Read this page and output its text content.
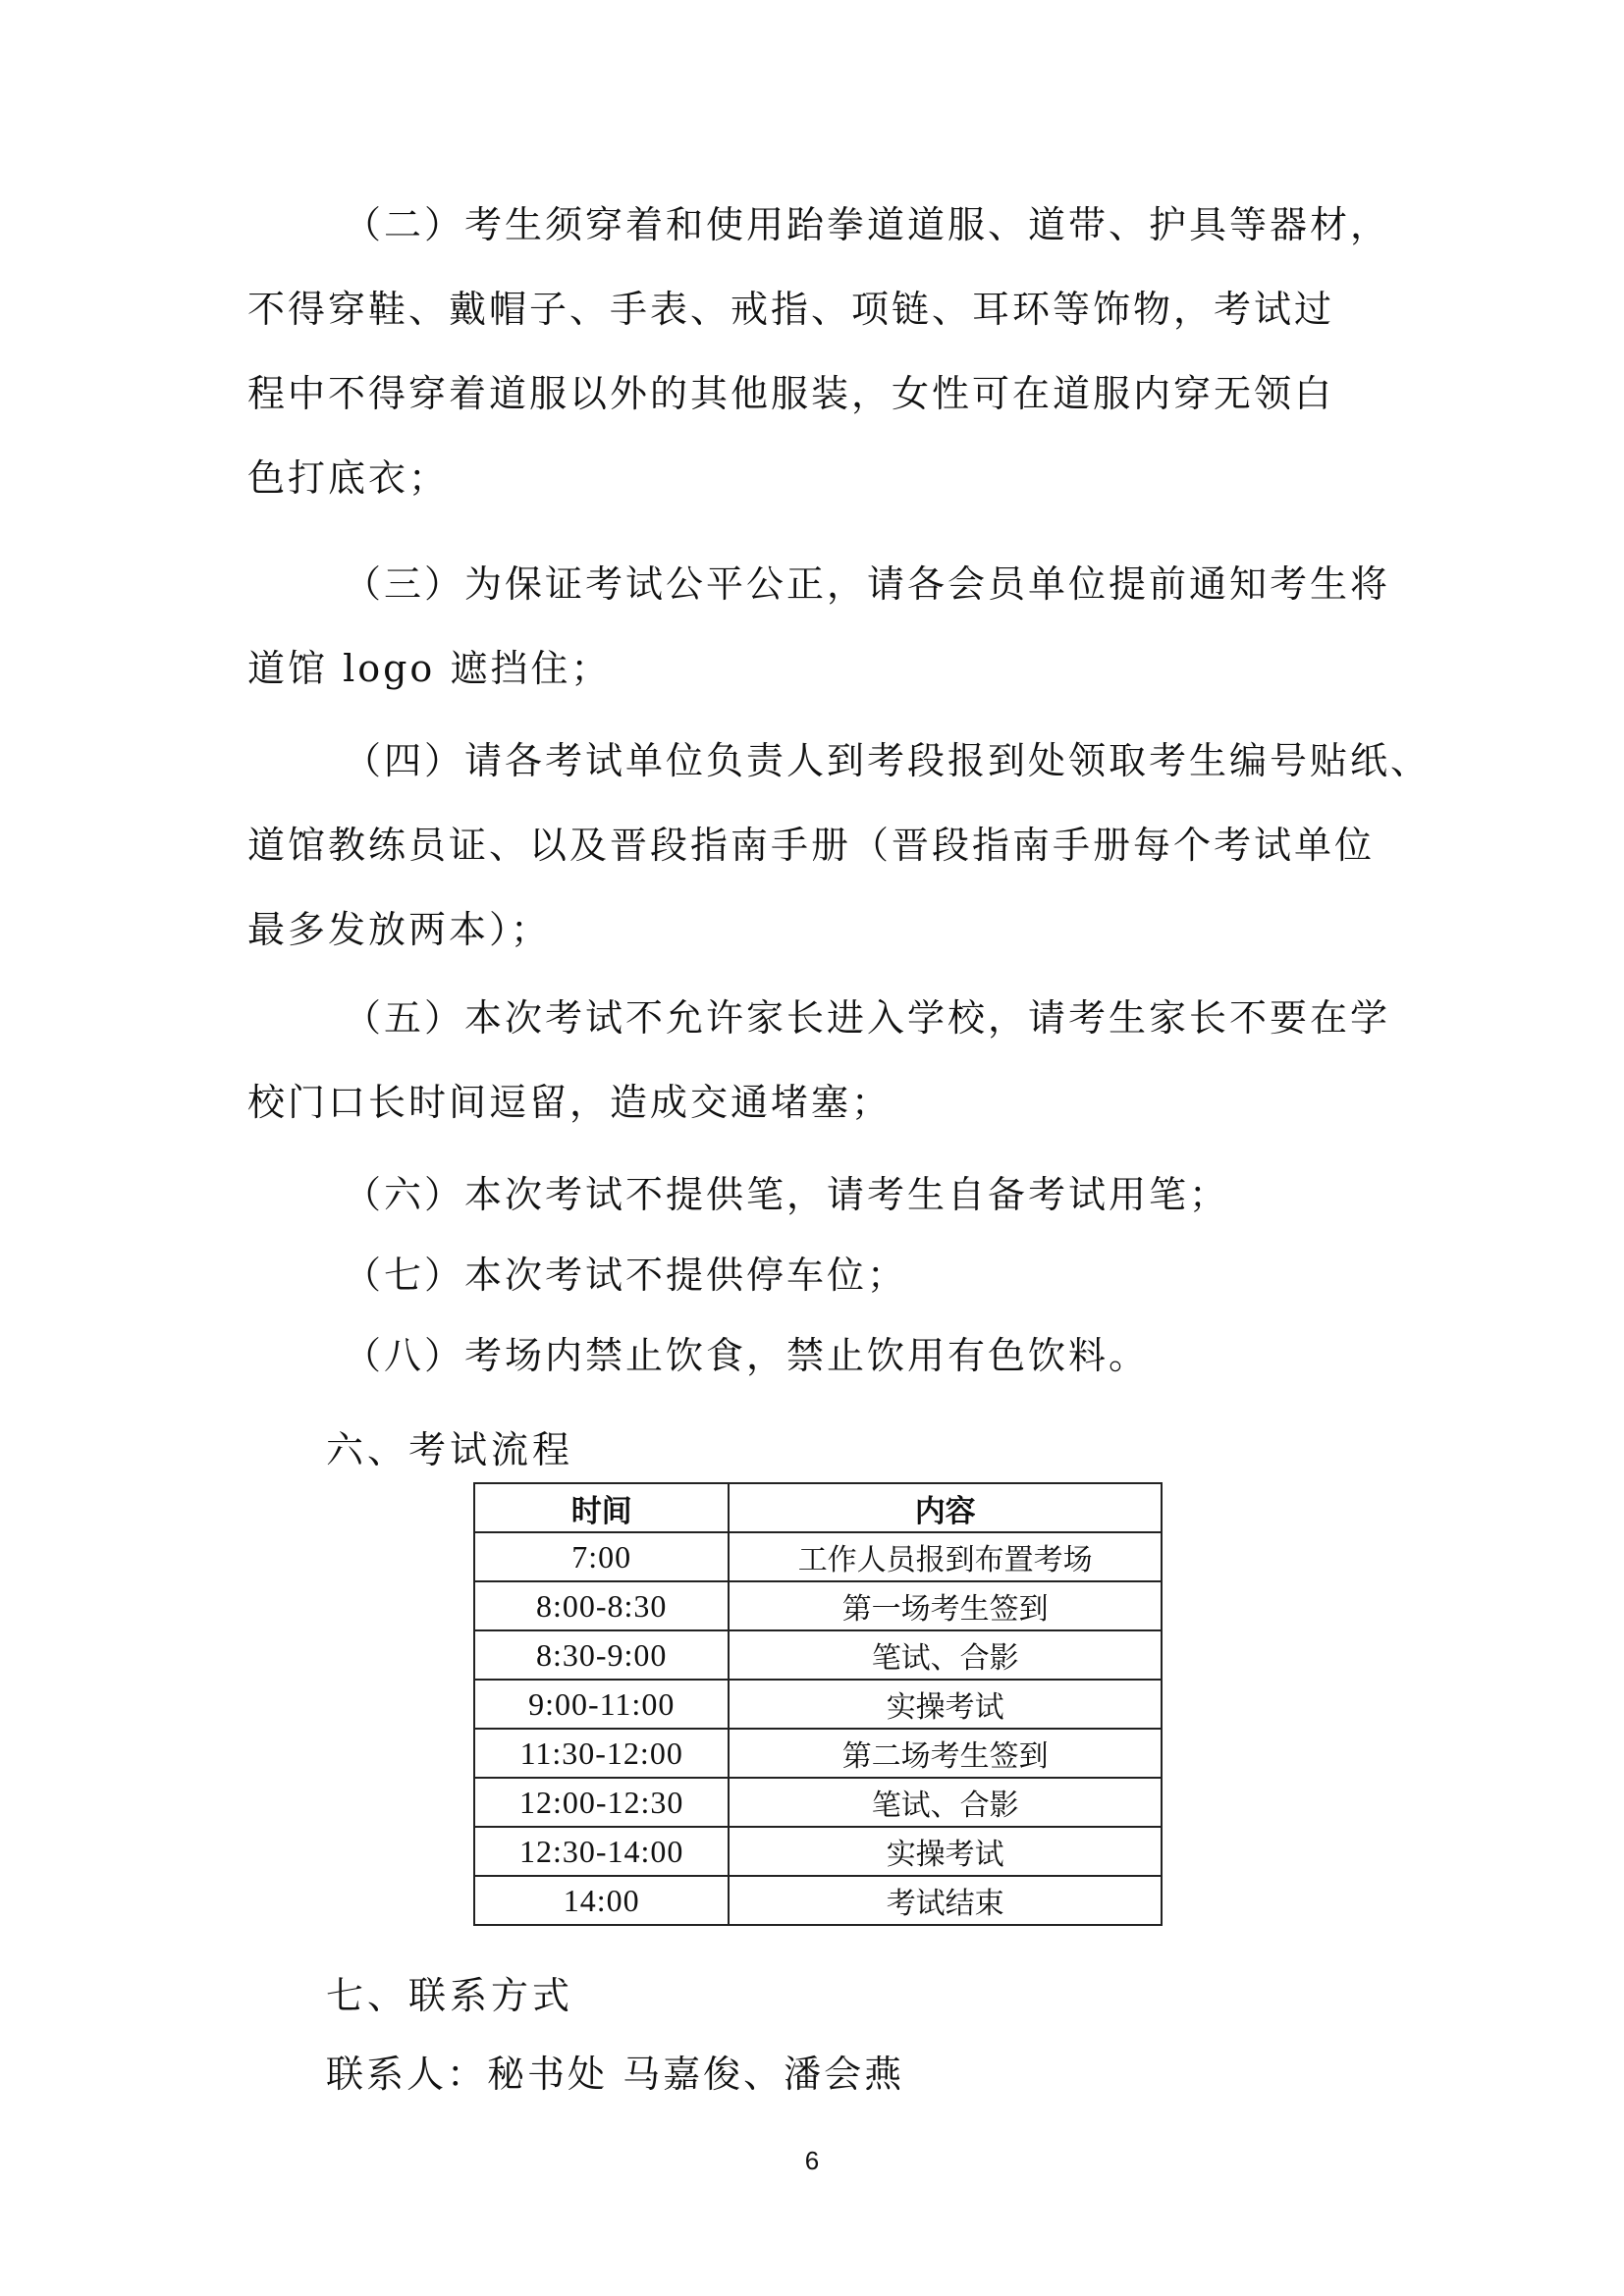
（二）考生须穿着和使用跆拳道道服、道带、护具等器材，
不得穿鞋、戴帽子、手表、戒指、项链、耳环等饰物，考试过
程中不得穿着道服以外的其他服装，女性可在道服内穿无领白
色打底衣；

（三）为保证考试公平公正，请各会员单位提前通知考生将
道馆 logo 遮挡住；

（四）请各考试单位负责人到考段报到处领取考生编号贴纸、
道馆教练员证、以及晋段指南手册（晋段指南手册每个考试单位
最多发放两本）；

（五）本次考试不允许家长进入学校，请考生家长不要在学
校门口长时间逗留，造成交通堵塞；

（六）本次考试不提供笔，请考生自备考试用笔；

（七）本次考试不提供停车位；

（八）考场内禁止饮食，禁止饮用有色饮料。

六、考试流程
时间	内容
7:00	工作人员报到布置考场
8:00-8:30	第一场考生签到
8:30-9:00	笔试、合影
9:00-11:00	实操考试
11:30-12:00	第二场考生签到
12:00-12:30	笔试、合影
12:30-14:00	实操考试
14:00	考试结束
七、联系方式

联系人：秘书处 马嘉俊、潘会燕

6
